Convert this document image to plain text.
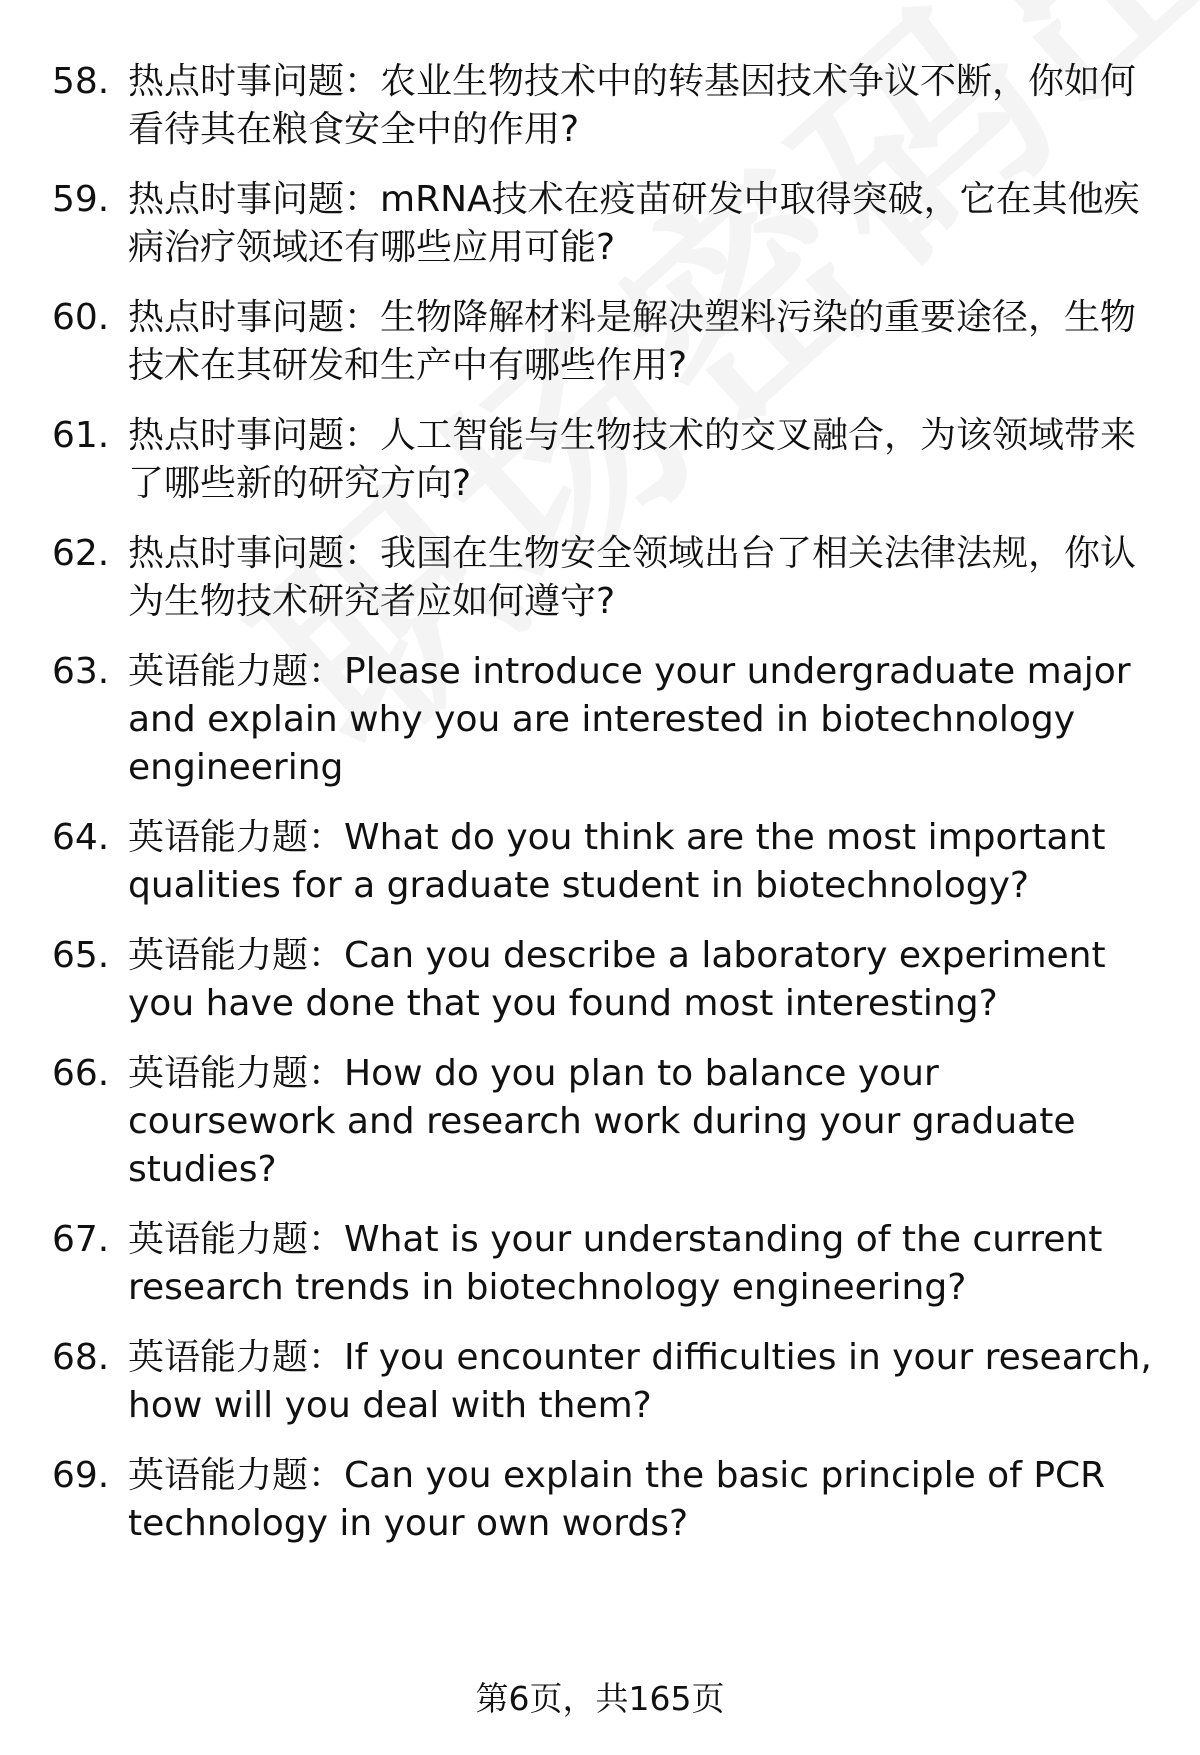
58. 热点时事问题：农业生物技术中的转基因技术争议不断，你如何看待其在粮食安全中的作用?
59. 热点时事问题：mRNA技术在疫苗研发中取得突破，它在其他疾病治疗领域还有哪些应用可能?
60. 热点时事问题：生物降解材料是解决塑料污染的重要途径，生物技术在其研发和生产中有哪些作用?
61. 热点时事问题：人工智能与生物技术的交叉融合，为该领域带来了哪些新的研究方向?
62. 热点时事问题：我国在生物安全领域出台了相关法律法规，你认为生物技术研究者应如何遵守?
63. 英语能力题：Please introduce your undergraduate major and explain why you are interested in biotechnology engineering
64. 英语能力题：What do you think are the most important qualities for a graduate student in biotechnology?
65. 英语能力题：Can you describe a laboratory experiment you have done that you found most interesting?
66. 英语能力题：How do you plan to balance your coursework and research work during your graduate studies?
67. 英语能力题：What is your understanding of the current research trends in biotechnology engineering?
68. 英语能力题：If you encounter difficulties in your research, how will you deal with them?
69. 英语能力题：Can you explain the basic principle of PCR technology in your own words?
第6页，共165页
